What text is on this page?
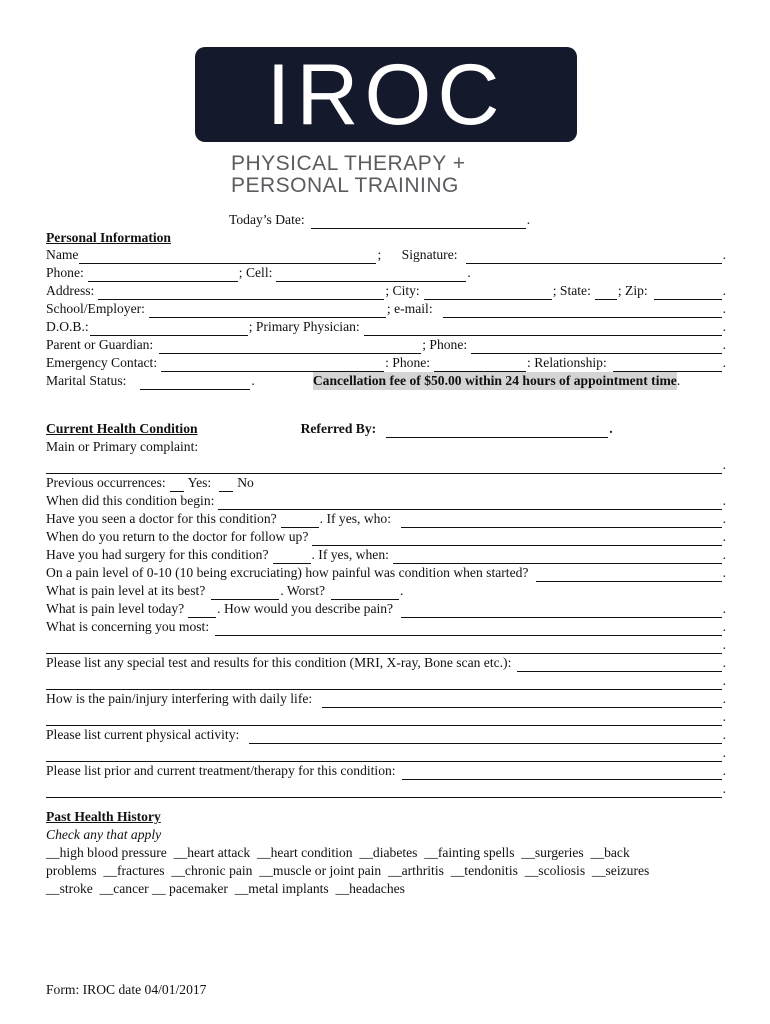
IROC
PHYSICAL THERAPY +
PERSONAL TRAINING
Today’s Date:	.
Personal Information
Name	; Signature:	.
Phone:	; Cell:	.
Address:	; City:	; State: ; Zip:	.
School/Employer:	; e-mail:	.
D.O.B.:	; Primary Physician:	.
Parent or Guardian:	; Phone:	.
Emergency Contact:	: Phone:	: Relationship:	.
Marital Status:	.	Cancellation fee of $50.00 within 24 hours of appointment time .
Current Health Condition	Referred By:	.
Main or Primary complaint:
.
Previous occurrences: Yes: No
When did this condition begin:	.
Have you seen a doctor for this condition?	. If yes, who:	.
When do you return to the doctor for follow up?	.
Have you had surgery for this condition?	. If yes, when:	.
On a pain level of 0-10 (10 being excruciating) how painful was condition when started?	.
What is pain level at its best?	. Worst?	.
What is pain level today? . How would you describe pain?	.
What is concerning you most:	.
.
Please list any special test and results for this condition (MRI, X-ray, Bone scan etc.):	.
.
How is the pain/injury interfering with daily life:	.
.
Please list current physical activity:	.
.
Please list prior and current treatment/therapy for this condition:	.
.
Past Health History
Check any that apply
__high blood pressure  __heart attack  __heart condition  __diabetes  __fainting spells  __surgeries  __back
problems  __fractures  __chronic pain  __muscle or joint pain  __arthritis  __tendonitis  __scoliosis  __seizures
__stroke  __cancer __ pacemaker  __metal implants  __headaches
Form: IROC date 04/01/2017
